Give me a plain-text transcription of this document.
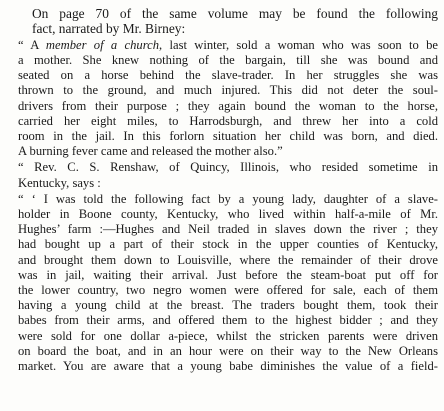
On page 70 of the same volume may be found the following
fact, narrated by Mr. Birney:
“ A member of a church, last winter, sold a woman who was soon to be
a mother. She knew nothing of the bargain, till she was bound and
seated on a horse behind the slave-trader. In her struggles she was
thrown to the ground, and much injured. This did not deter the soul-
drivers from their purpose ; they again bound the woman to the horse,
carried her eight miles, to Harrodsburgh, and threw her into a cold
room in the jail. In this forlorn situation her child was born, and died.
A burning fever came and released the mother also.”
“ Rev. C. S. Renshaw, of Quincy, Illinois, who resided sometime in
Kentucky, says :
“ ‘ I was told the following fact by a young lady, daughter of a slave-
holder in Boone county, Kentucky, who lived within half-a-mile of Mr.
Hughes’ farm :—Hughes and Neil traded in slaves down the river ; they
had bought up a part of their stock in the upper counties of Kentucky,
and brought them down to Louisville, where the remainder of their drove
was in jail, waiting their arrival. Just before the steam-boat put off for
the lower country, two negro women were offered for sale, each of them
having a young child at the breast. The traders bought them, took their
babes from their arms, and offered them to the highest bidder ; and they
were sold for one dollar a-piece, whilst the stricken parents were driven
on board the boat, and in an hour were on their way to the New Orleans
market. You are aware that a young babe diminishes the value of a field-
